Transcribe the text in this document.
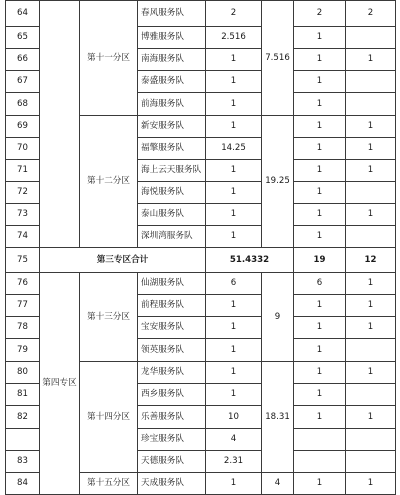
64		第十一分区	春风服务队	2	7.516	2	2
65			博雅服务队	2.516		1	
66			南海服务队	1		1	1
67			泰盛服务队	1		1	
68			前海服务队	1		1	
69		第十二分区	新安服务队	1	19.25	1	1
70			福擎服务队	14.25		1	1
71			海上云天服务队	1		1	1
72			海悦服务队	1		1	
73			泰山服务队	1		1	1
74			深圳湾服务队	1		1	
75	第三专区合计			51.4332		19	12
76	第四专区	第十三分区	仙湖服务队	6	9	6	1
77			前程服务队	1		1	1
78			宝安服务队	1		1	1
79			领英服务队	1		1	
80		第十四分区	龙华服务队	1	18.31	1	1
81			西乡服务队	1		1	
82			乐善服务队	10		1	1
			珍宝服务队	4			
83			天德服务队	2.31			
84		第十五分区	天成服务队	1	4	1	1
